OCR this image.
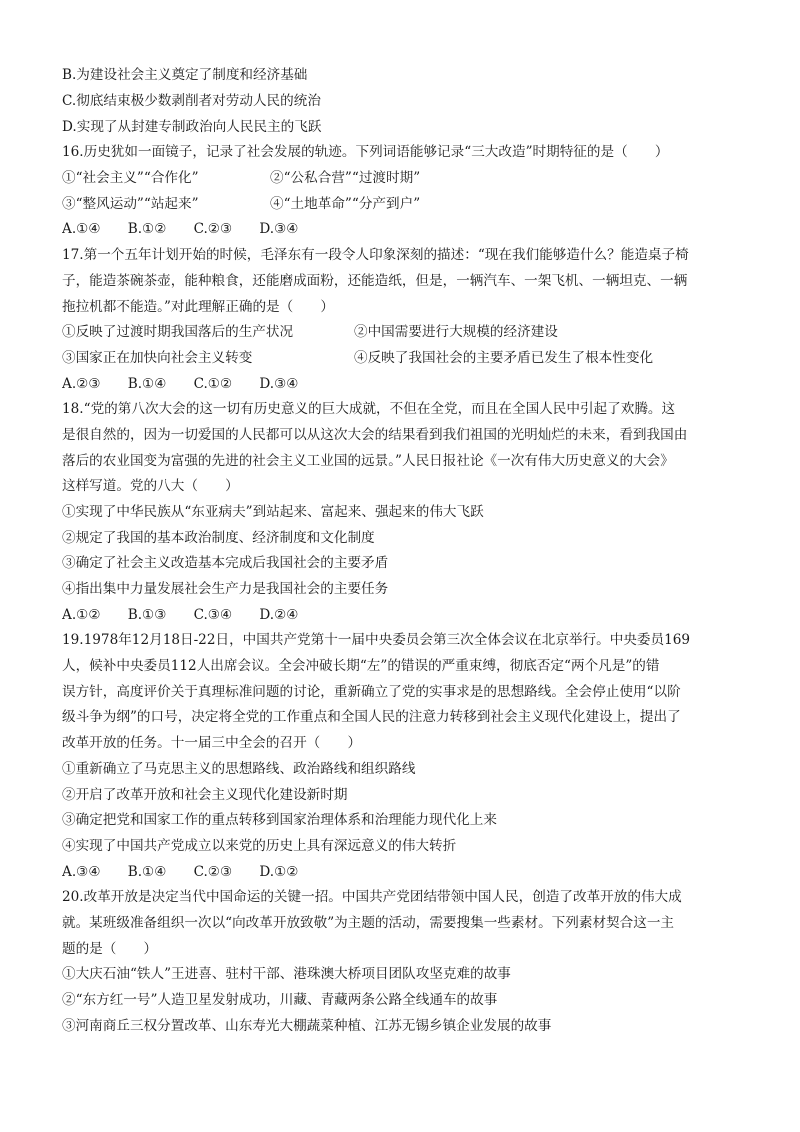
B.为建设社会主义奠定了制度和经济基础
C.彻底结束极少数剥削者对劳动人民的统治
D.实现了从封建专制政治向人民民主的飞跃
16.历史犹如一面镜子，记录了社会发展的轨迹。下列词语能够记录“三大改造”时期特征的是（　　）
①“社会主义”“合作化”	②“公私合营”“过渡时期”
③“整风运动”“站起来”	④“土地革命”“分产到户”
A.①④　　B.①②　　C.②③　　D.③④
17.第一个五年计划开始的时候，毛泽东有一段令人印象深刻的描述：“现在我们能够造什么？能造桌子椅
子，能造茶碗茶壶，能种粮食，还能磨成面粉，还能造纸，但是，一辆汽车、一架飞机、一辆坦克、一辆
拖拉机都不能造。”对此理解正确的是（　　）
①反映了过渡时期我国落后的生产状况	②中国需要进行大规模的经济建设
③国家正在加快向社会主义转变	④反映了我国社会的主要矛盾已发生了根本性变化
A.②③　　B.①④　　C.①②　　D.③④
18.“党的第八次大会的这一切有历史意义的巨大成就，不但在全党，而且在全国人民中引起了欢腾。这
是很自然的，因为一切爱国的人民都可以从这次大会的结果看到我们祖国的光明灿烂的未来，看到我国由
落后的农业国变为富强的先进的社会主义工业国的远景。”人民日报社论《一次有伟大历史意义的大会》
这样写道。党的八大（　　）
①实现了中华民族从“东亚病夫”到站起来、富起来、强起来的伟大飞跃
②规定了我国的基本政治制度、经济制度和文化制度
③确定了社会主义改造基本完成后我国社会的主要矛盾
④指出集中力量发展社会生产力是我国社会的主要任务
A.①②　　B.①③　　C.③④　　D.②④
19.1978年12月18日-22日，中国共产党第十一届中央委员会第三次全体会议在北京举行。中央委员169
人，候补中央委员112人出席会议。全会冲破长期“左”的错误的严重束缚，彻底否定“两个凡是”的错
误方针，高度评价关于真理标准问题的讨论，重新确立了党的实事求是的思想路线。全会停止使用“以阶
级斗争为纲”的口号，决定将全党的工作重点和全国人民的注意力转移到社会主义现代化建设上，提出了
改革开放的任务。十一届三中全会的召开（　　）
①重新确立了马克思主义的思想路线、政治路线和组织路线
②开启了改革开放和社会主义现代化建设新时期
③确定把党和国家工作的重点转移到国家治理体系和治理能力现代化上来
④实现了中国共产党成立以来党的历史上具有深远意义的伟大转折
A.③④　　B.①④　　C.②③　　D.①②
20.改革开放是决定当代中国命运的关键一招。中国共产党团结带领中国人民，创造了改革开放的伟大成
就。某班级准备组织一次以“向改革开放致敬”为主题的活动，需要搜集一些素材。下列素材契合这一主
题的是（　　）
①大庆石油“铁人”王进喜、驻村干部、港珠澳大桥项目团队攻坚克难的故事
②“东方红一号”人造卫星发射成功，川藏、青藏两条公路全线通车的故事
③河南商丘三权分置改革、山东寿光大棚蔬菜种植、江苏无锡乡镇企业发展的故事
